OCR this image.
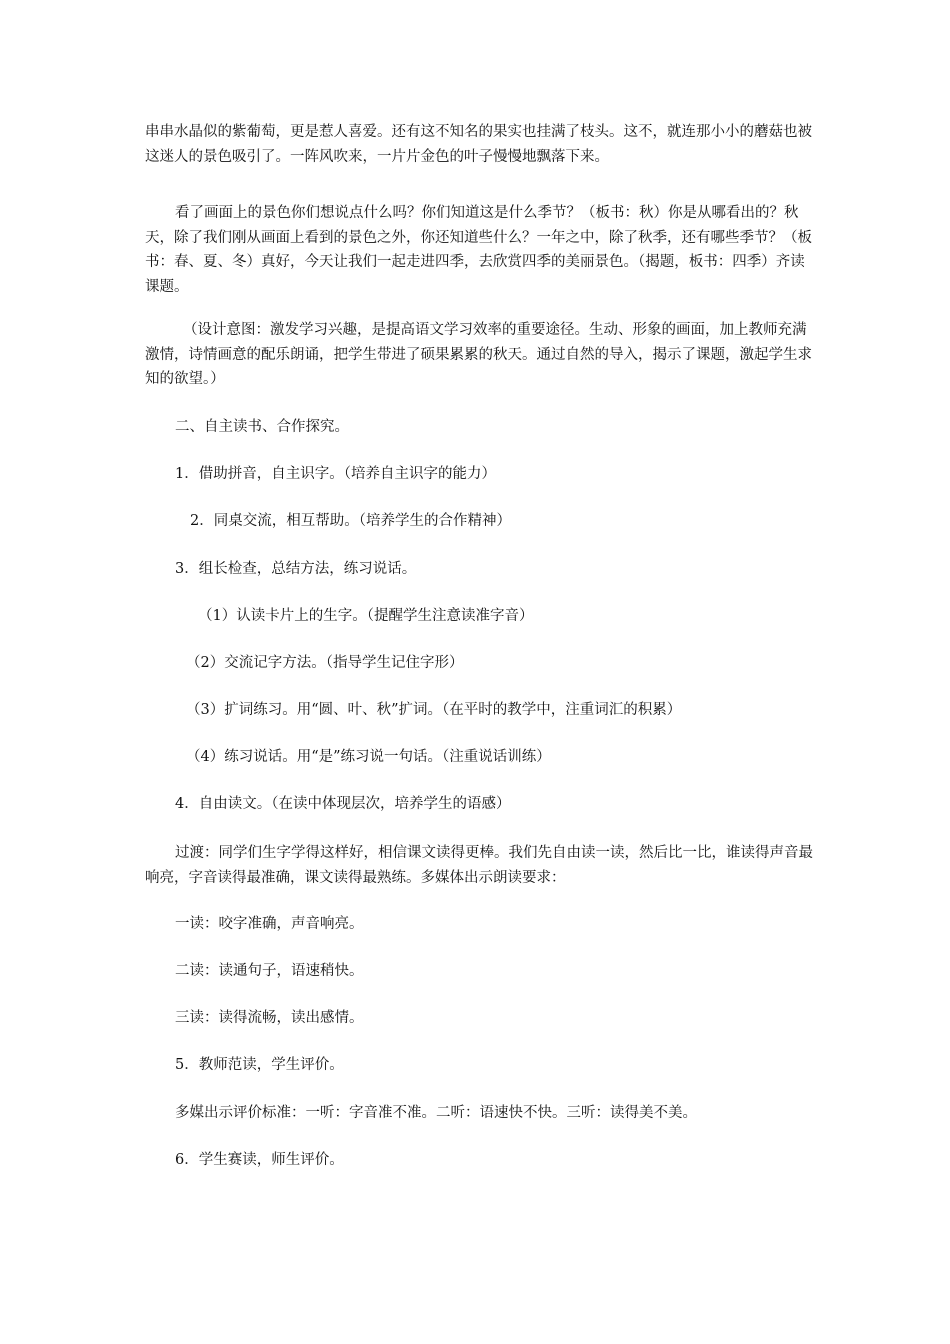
串串水晶似的紫葡萄，更是惹人喜爱。还有这不知名的果实也挂满了枝头。这不，就连那小小的蘑菇也被这迷人的景色吸引了。一阵风吹来，一片片金色的叶子慢慢地飘落下来。

看了画面上的景色你们想说点什么吗？你们知道这是什么季节？（板书：秋）你是从哪看出的？秋天，除了我们刚从画面上看到的景色之外，你还知道些什么？一年之中，除了秋季，还有哪些季节？（板书：春、夏、冬）真好，今天让我们一起走进四季，去欣赏四季的美丽景色。（揭题，板书：四季）齐读课题。

（设计意图：激发学习兴趣，是提高语文学习效率的重要途径。生动、形象的画面，加上教师充满激情，诗情画意的配乐朗诵，把学生带进了硕果累累的秋天。通过自然的导入，揭示了课题，激起学生求知的欲望。）

二、自主读书、合作探究。

1．借助拼音，自主识字。（培养自主识字的能力）

2．同桌交流，相互帮助。（培养学生的合作精神）

3．组长检查，总结方法，练习说话。

（1）认读卡片上的生字。（提醒学生注意读准字音）

（2）交流记字方法。（指导学生记住字形）

（3）扩词练习。用“圆、叶、秋”扩词。（在平时的教学中，注重词汇的积累）

（4）练习说话。用“是”练习说一句话。（注重说话训练）

4．自由读文。（在读中体现层次，培养学生的语感）

过渡：同学们生字学得这样好，相信课文读得更棒。我们先自由读一读，然后比一比，谁读得声音最响亮，字音读得最准确，课文读得最熟练。多媒体出示朗读要求：

一读：咬字准确，声音响亮。

二读：读通句子，语速稍快。

三读：读得流畅，读出感情。

5．教师范读，学生评价。

多媒出示评价标准：一听：字音准不准。二听：语速快不快。三听：读得美不美。

6．学生赛读，师生评价。
